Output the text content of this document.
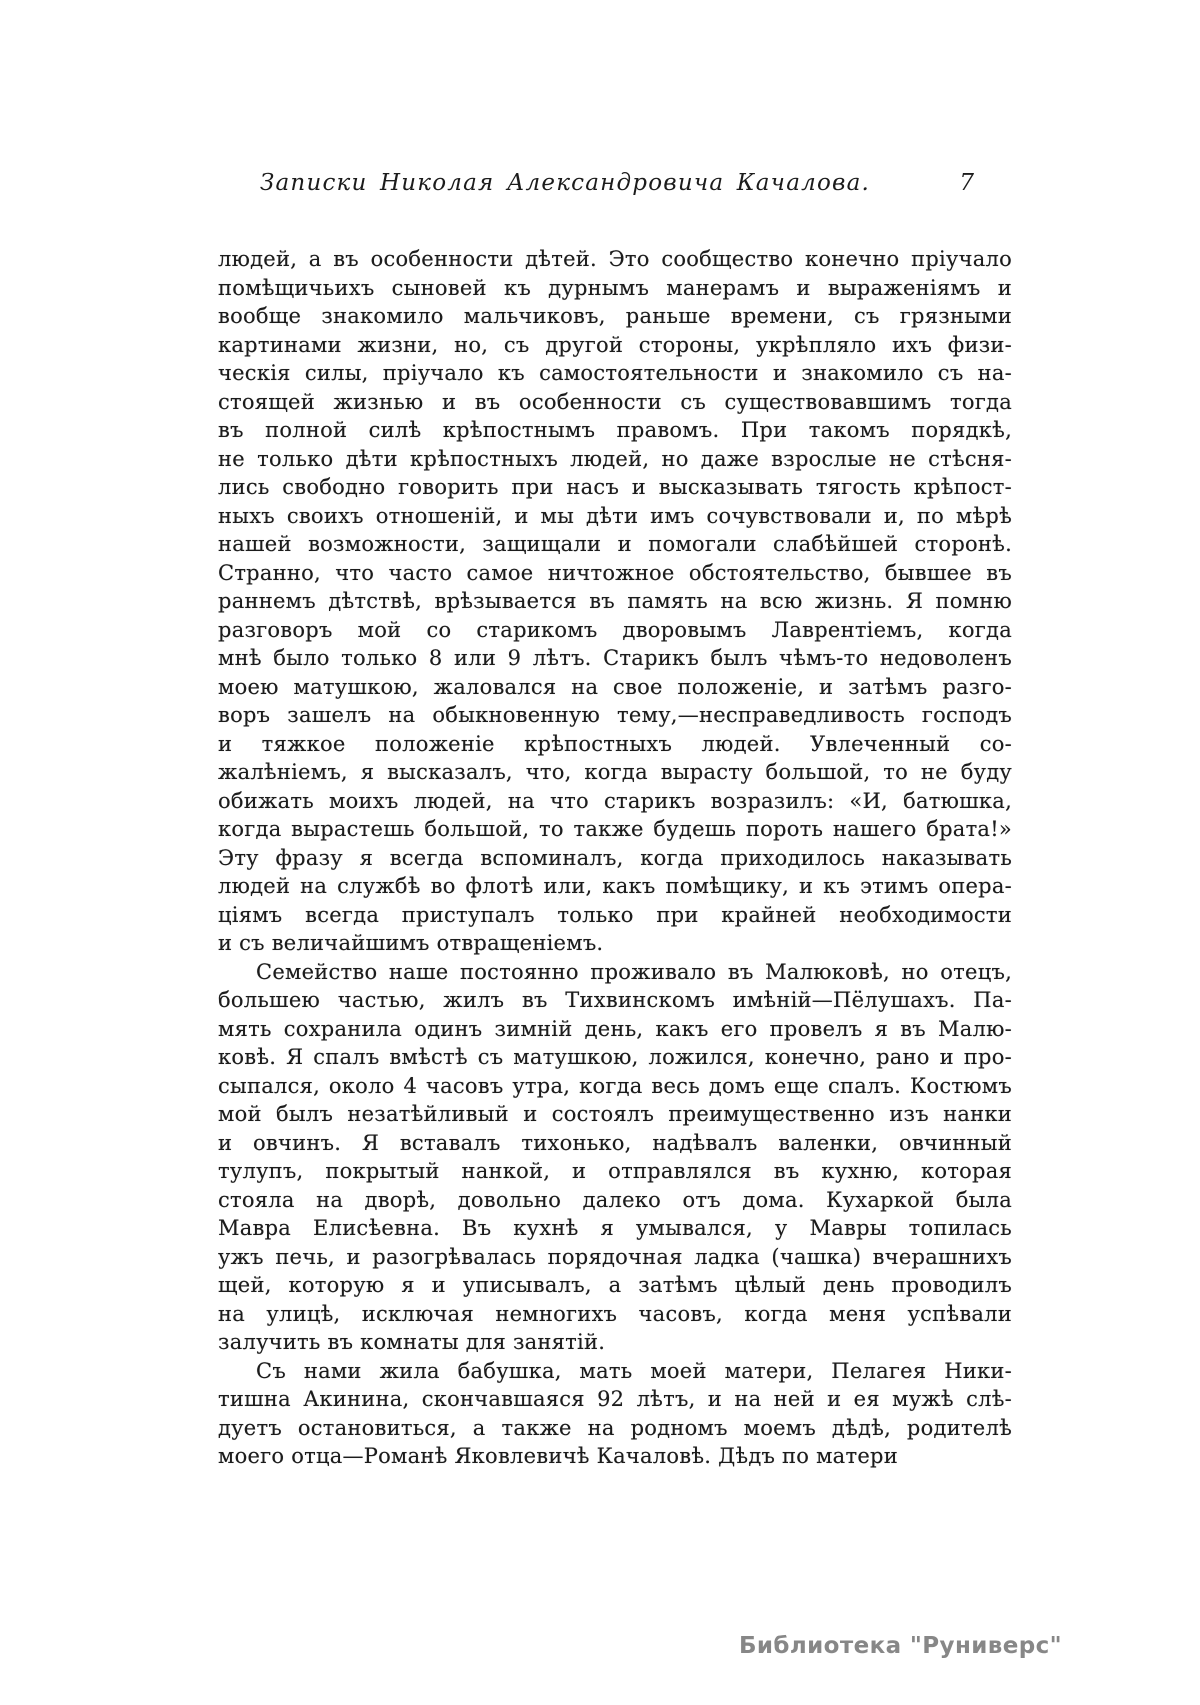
Записки Николая Александровича Качалова.	7
людей, а въ особенности дѣтей. Это сообщество конечно пріучало
помѣщичьихъ сыновей къ дурнымъ манерамъ и выраженіямъ и
вообще знакомило мальчиковъ, раньше времени, съ грязными
картинами жизни, но, съ другой стороны, укрѣпляло ихъ физи-
ческія силы, пріучало къ самостоятельности и знакомило съ на-
стоящей жизнью и въ особенности съ существовавшимъ тогда
въ полной силѣ крѣпостнымъ правомъ. При такомъ порядкѣ,
не только дѣти крѣпостныхъ людей, но даже взрослые не стѣсня-
лись свободно говорить при насъ и высказывать тягость крѣпост-
ныхъ своихъ отношеній, и мы дѣти имъ сочувствовали и, по мѣрѣ
нашей возможности, защищали и помогали слабѣйшей сторонѣ.
Странно, что часто самое ничтожное обстоятельство, бывшее въ
раннемъ дѣтствѣ, врѣзывается въ память на всю жизнь. Я помню
разговоръ мой со старикомъ дворовымъ Лаврентіемъ, когда
мнѣ было только 8 или 9 лѣтъ. Старикъ былъ чѣмъ-то недоволенъ
моею матушкою, жаловался на свое положеніе, и затѣмъ разго-
воръ зашелъ на обыкновенную тему,—несправедливость господъ
и тяжкое положеніе крѣпостныхъ людей. Увлеченный со-
жалѣніемъ, я высказалъ, что, когда вырасту большой, то не буду
обижать моихъ людей, на что старикъ возразилъ: «И, батюшка,
когда вырастешь большой, то также будешь пороть нашего брата!»
Эту фразу я всегда вспоминалъ, когда приходилось наказывать
людей на службѣ во флотѣ или, какъ помѣщику, и къ этимъ опера-
ціямъ всегда приступалъ только при крайней необходимости
и съ величайшимъ отвращеніемъ.
Семейство наше постоянно проживало въ Малюковѣ, но отецъ,
большею частью, жилъ въ Тихвинскомъ имѣній—Пёлушахъ. Па-
мять сохранила одинъ зимній день, какъ его провелъ я въ Малю-
ковѣ. Я спалъ вмѣстѣ съ матушкою, ложился, конечно, рано и про-
сыпался, около 4 часовъ утра, когда весь домъ еще спалъ. Костюмъ
мой былъ незатѣйливый и состоялъ преимущественно изъ нанки
и овчинъ. Я вставалъ тихонько, надѣвалъ валенки, овчинный
тулупъ, покрытый нанкой, и отправлялся въ кухню, которая
стояла на дворѣ, довольно далеко отъ дома. Кухаркой была
Мавра Елисѣевна. Въ кухнѣ я умывался, у Мавры топилась
ужъ печь, и разогрѣвалась порядочная ладка (чашка) вчерашнихъ
щей, которую я и уписывалъ, а затѣмъ цѣлый день проводилъ
на улицѣ, исключая немногихъ часовъ, когда меня успѣвали
залучить въ комнаты для занятій.
Съ нами жила бабушка, мать моей матери, Пелагея Ники-
тишна Акинина, скончавшаяся 92 лѣтъ, и на ней и ея мужѣ слѣ-
дуетъ остановиться, а также на родномъ моемъ дѣдѣ, родителѣ
моего отца—Романѣ Яковлевичѣ Качаловѣ. Дѣдъ по матери
Библиотека "Руниверс"
